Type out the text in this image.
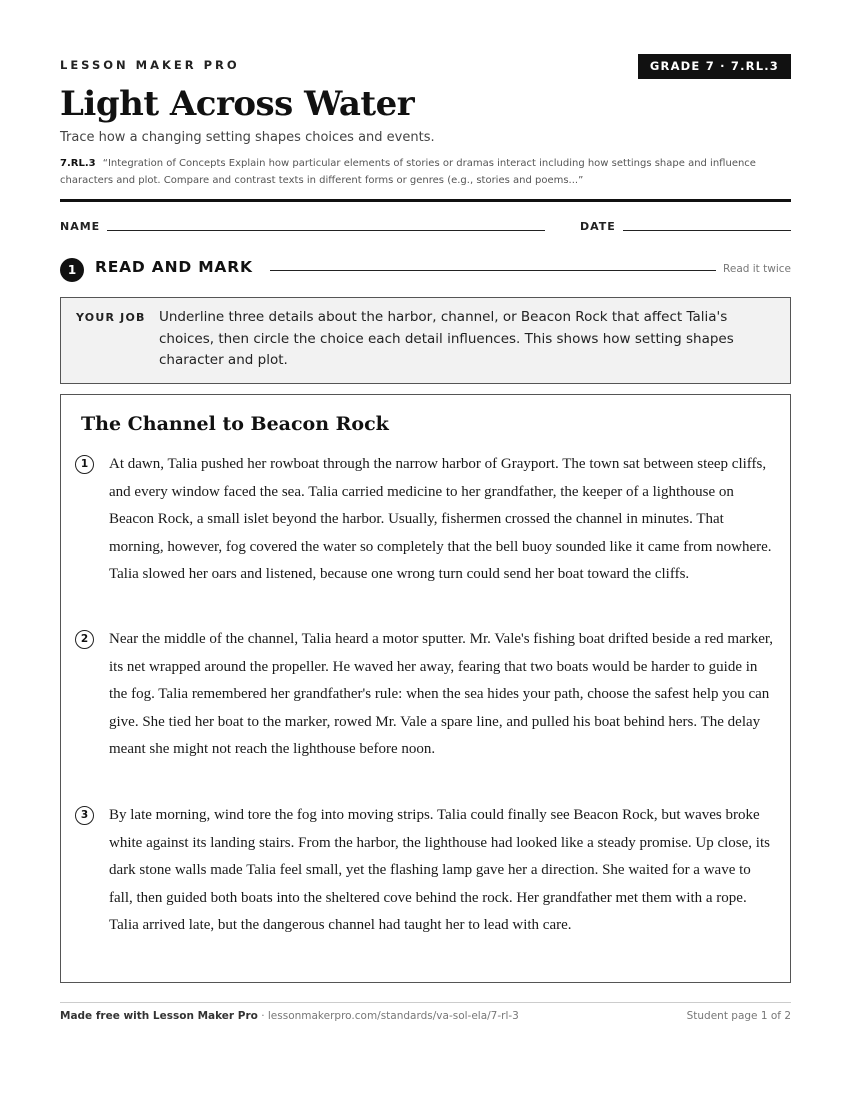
LESSON MAKER PRO	GRADE 7 · 7.RL.3
Light Across Water
Trace how a changing setting shapes choices and events.
7.RL.3 “Integration of Concepts Explain how particular elements of stories or dramas interact including how settings shape and influence characters and plot. Compare and contrast texts in different forms or genres (e.g., stories and poems...”
NAME	DATE
1	READ AND MARK	Read it twice
YOUR JOB Underline three details about the harbor, channel, or Beacon Rock that affect Talia's choices, then circle the choice each detail influences. This shows how setting shapes character and plot.
The Channel to Beacon Rock
1	At dawn, Talia pushed her rowboat through the narrow harbor of Grayport. The town sat between steep cliffs, and every window faced the sea. Talia carried medicine to her grandfather, the keeper of a lighthouse on Beacon Rock, a small islet beyond the harbor. Usually, fishermen crossed the channel in minutes. That morning, however, fog covered the water so completely that the bell buoy sounded like it came from nowhere. Talia slowed her oars and listened, because one wrong turn could send her boat toward the cliffs.
2	Near the middle of the channel, Talia heard a motor sputter. Mr. Vale's fishing boat drifted beside a red marker, its net wrapped around the propeller. He waved her away, fearing that two boats would be harder to guide in the fog. Talia remembered her grandfather's rule: when the sea hides your path, choose the safest help you can give. She tied her boat to the marker, rowed Mr. Vale a spare line, and pulled his boat behind hers. The delay meant she might not reach the lighthouse before noon.
3	By late morning, wind tore the fog into moving strips. Talia could finally see Beacon Rock, but waves broke white against its landing stairs. From the harbor, the lighthouse had looked like a steady promise. Up close, its dark stone walls made Talia feel small, yet the flashing lamp gave her a direction. She waited for a wave to fall, then guided both boats into the sheltered cove behind the rock. Her grandfather met them with a rope. Talia arrived late, but the dangerous channel had taught her to lead with care.
Made free with Lesson Maker Pro · lessonmakerpro.com/standards/va-sol-ela/7-rl-3	Student page 1 of 2
